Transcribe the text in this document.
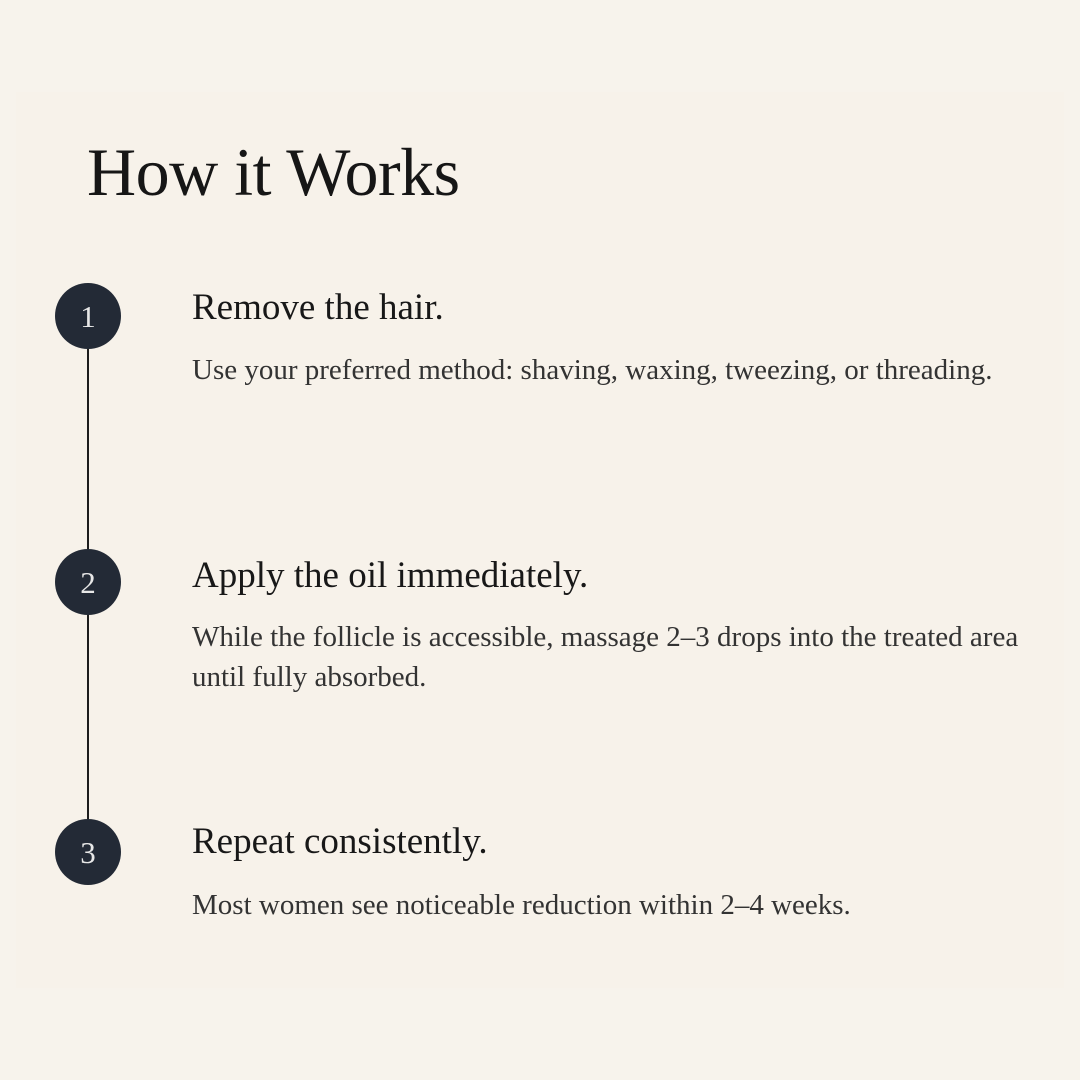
How it Works
1	Remove the hair.

Use your preferred method: shaving, waxing, tweezing, or threading.

2	Apply the oil immediately.

While the follicle is accessible, massage 2–3 drops into the treated area until fully absorbed.

3	Repeat consistently.

Most women see noticeable reduction within 2–4 weeks.
